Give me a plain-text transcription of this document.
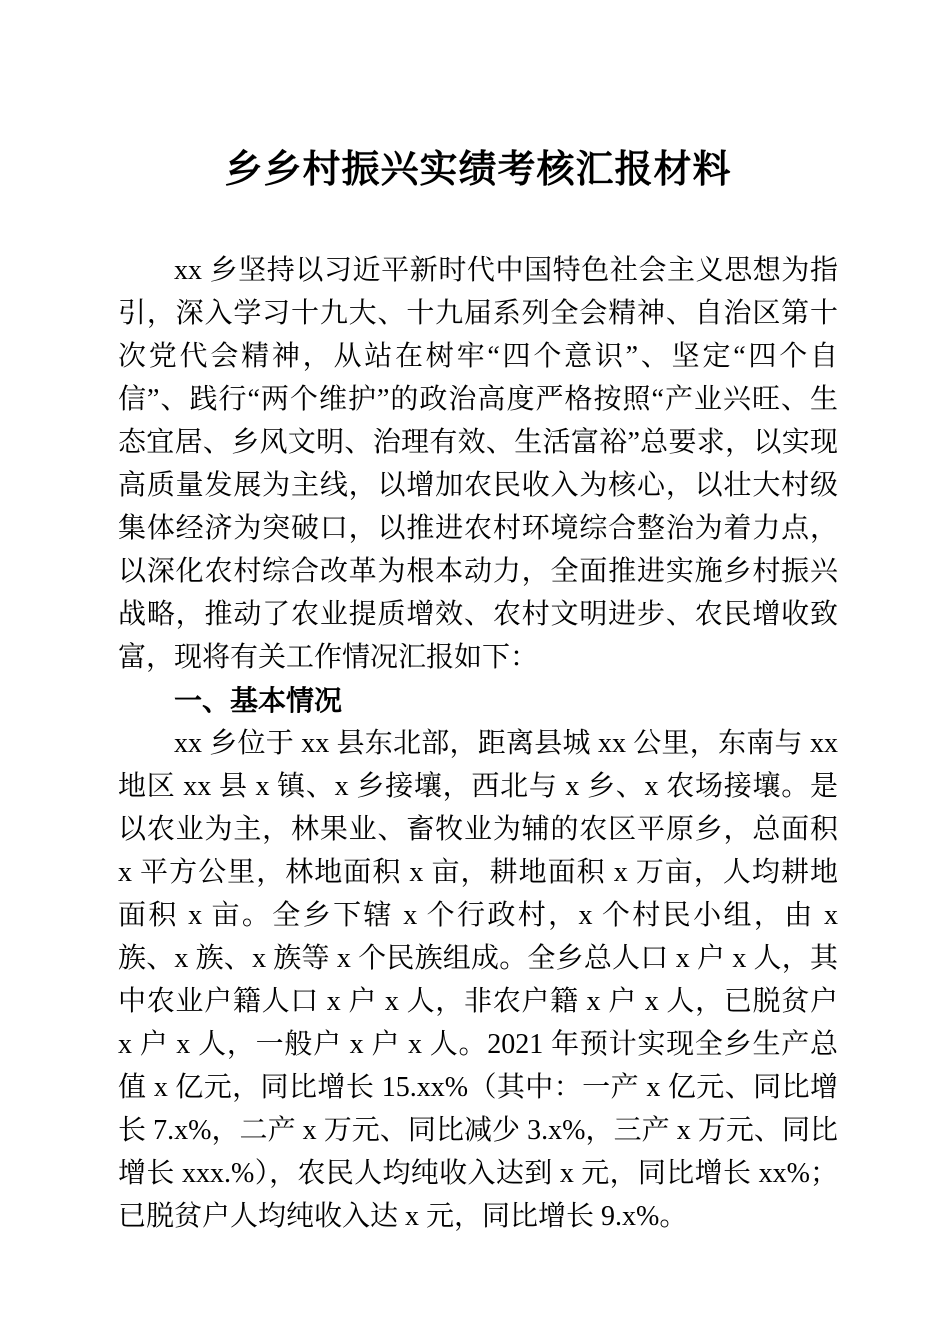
乡乡村振兴实绩考核汇报材料

xx 乡坚持以习近平新时代中国特色社会主义思想为指引，深入学习十九大、十九届系列全会精神、自治区第十次党代会精神，从站在树牢“四个意识”、坚定“四个自信”、践行“两个维护”的政治高度严格按照“产业兴旺、生态宜居、乡风文明、治理有效、生活富裕”总要求，以实现高质量发展为主线，以增加农民收入为核心，以壮大村级集体经济为突破口，以推进农村环境综合整治为着力点，以深化农村综合改革为根本动力，全面推进实施乡村振兴战略，推动了农业提质增效、农村文明进步、农民增收致富，现将有关工作情况汇报如下：

一、基本情况

xx 乡位于 xx 县东北部，距离县城 xx 公里，东南与 xx 地区 xx 县 x 镇、x 乡接壤，西北与 x 乡、x 农场接壤。是以农业为主，林果业、畜牧业为辅的农区平原乡，总面积 x 平方公里，林地面积 x 亩，耕地面积 x 万亩，人均耕地面积 x 亩。全乡下辖 x 个行政村，x 个村民小组，由 x 族、x 族、x 族等 x 个民族组成。全乡总人口 x 户 x 人，其中农业户籍人口 x 户 x 人，非农户籍 x 户 x 人，已脱贫户 x 户 x 人，一般户 x 户 x 人。2021 年预计实现全乡生产总值 x 亿元，同比增长 15.xx%（其中：一产 x 亿元、同比增长 7.x%，二产 x 万元、同比减少 3.x%，三产 x 万元、同比增长 xxx.%），农民人均纯收入达到 x 元，同比增长 xx%；已脱贫户人均纯收入达 x 元，同比增长 9.x%。
